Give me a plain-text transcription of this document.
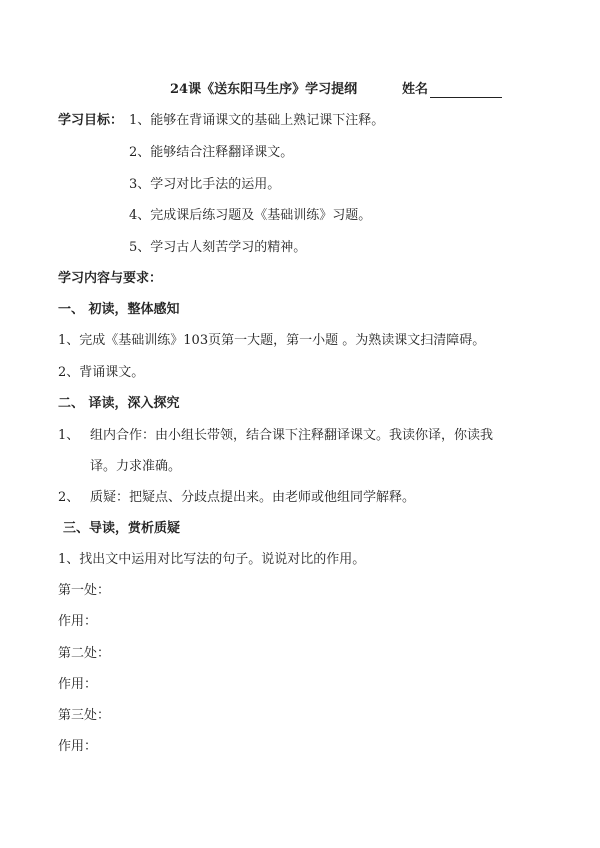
24课《送东阳马生序》学习提纲	姓名
学习目标： 1、能够在背诵课文的基础上熟记课下注释。
2、能够结合注释翻译课文。
3、学习对比手法的运用。
4、完成课后练习题及《基础训练》习题。
5、学习古人刻苦学习的精神。
学习内容与要求：
一、 初读，整体感知
1、完成《基础训练》103页第一大题，第一小题 。为熟读课文扫清障碍。
2、背诵课文。
二、 译读，深入探究
1、 组内合作：由小组长带领，结合课下注释翻译课文。我读你译，你读我
译。力求准确。
2、 质疑：把疑点、分歧点提出来。由老师或他组同学解释。
三、导读，赏析质疑
1、找出文中运用对比写法的句子。说说对比的作用。
第一处：
作用：
第二处：
作用：
第三处：
作用：
